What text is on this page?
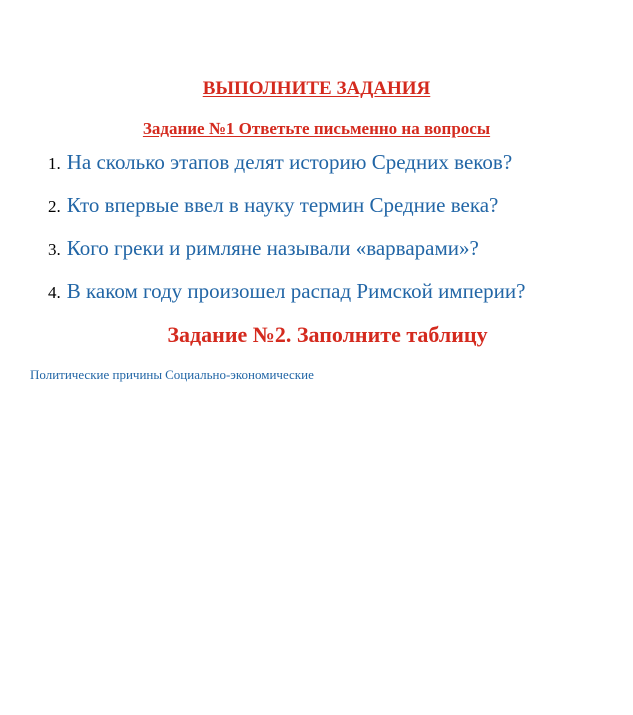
ВЫПОЛНИТЕ ЗАДАНИЯ
Задание №1 Ответьте письменно на вопросы
1. На сколько этапов делят историю Средних веков?
2. Кто впервые ввел в науку термин Средние века?
3. Кого греки и римляне называли «варварами»?
4. В каком году произошел распад Римской империи?
Задание №2. Заполните таблицу
Политические причины Социально-экономические
